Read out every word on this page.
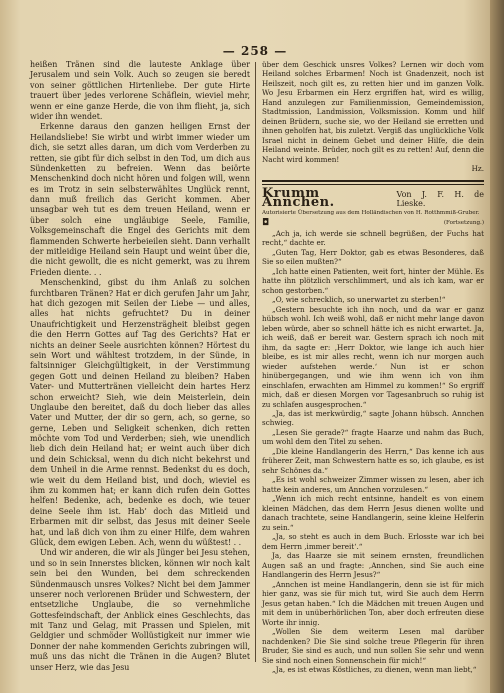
— 258 —

heißen Tränen sind die lauteste Anklage über Jerusalem und sein Volk. Auch so zeugen sie beredt von seiner göttlichen Hirtenliebe. Der gute Hirte trauert über jedes verlorene Schäflein, wieviel mehr, wenn er eine ganze Herde, die von ihm flieht, ja, sich wider ihn wendet.

Erkenne daraus den ganzen heiligen Ernst der Heilandsliebe! Sie wirbt und wirbt immer wieder um dich, sie setzt alles daran, um dich vom Verderben zu retten, sie gibt für dich selbst in den Tod, um dich aus Sündenketten zu befreien. Wenn das beiörte Menschenkind doch nicht hören und folgen will, wenn es im Trotz in sein selbsterwähltes Unglück rennt, dann muß freilich das Gericht kommen. Aber unsagbar weh tut es dem treuen Heiland, wenn er über solch eine ungläubige Seele, Familie, Volksgemeinschaft die Engel des Gerichts mit dem flammenden Schwerte herbeieilen sieht. Dann verhallt der mitleidige Heiland sein Haupt und weint über die, die nicht gewollt, die es nicht gemerkt, was zu ihrem Frieden diente. . .

Menschenkind, gibst du ihm Anlaß zu solchen furchtbaren Tränen? Hat er dich gerufen Jahr um Jahr, hat dich gezogen mit Seilen der Liebe — und alles, alles hat nichts gefruchtet? Du in deiner Unaufrichtigkeit und Herzensträgheit bleibst gegen die den Herrn Gottes auf Tag des Gerichts? Hat er nichts an deiner Seele ausrichten können? Hörtest du sein Wort und wähltest trotzdem, in der Sünde, in faltsinniger Gleichgültigkeit, in der Verstimmung gegen Gott und deinen Heiland zu bleiben? Haben Vater- und Muttertränen vielleicht dein hartes Herz schon erweicht? Sieh, wie dein Meisterlein, dein Unglaube den bereitet, daß du doch lieber das alles Vater und Mutter, der dir so gern, ach, so gerne, so gerne, Leben und Seligkeit schenken, dich retten möchte vom Tod und Verderben; sieh, wie unendlich lieb dich dein Heiland hat; er weint auch über dich und dein Schicksal, wenn du dich nicht bekehrst und dem Unheil in die Arme rennst. Bedenkst du es doch, wie weit du dem Heiland bist, und doch, wieviel es ihm zu kommen hat; er kann dich rufen dein Gottes helfen! Bedenke, ach, bedenke es doch, wie teuer deine Seele ihm ist. Hab’ doch das Mitleid und Erbarmen mit dir selbst, das Jesus mit deiner Seele hat, und laß dich von ihm zu einer Hilfe, dem wahren Glück, dem ewigen Leben. Ach, wenn du wüßtest! . .

Und wir anderen, die wir als Jünger bei Jesu stehen, und so in sein Innerstes blicken, können wir noch kalt sein bei den Wunden, bei dem schreckenden Sündenmausch unsres Volkes? Nicht bei dem Jammer unserer noch verlorenen Brüder und Schwestern, der entsetzliche Unglaube, die so vernehmliche Gottesfeindschaft, der Anblick eines Geschlechts, das mit Tanz und Gelag, mit Prassen und Spielen, mit Geldgier und schmöder Wollüstigkeit nur immer wie Donner der nahe kommenden Gerichts zubringen will, muß uns das nicht die Tränen in die Augen? Blutet unser Herz, wie das Jesu

über dem Geschick unsres Volkes? Lernen wir doch vom Heiland solches Erbarmen! Noch ist Gnadenzeit, noch ist Heilszeit, noch gilt es, zu retten hier und im ganzen Volk. Wo Jesu Erbarmen ein Herz ergriffen hat, wird es willig, Hand anzulegen zur Familienmission, Gemeindemission, Stadtmission, Landmission, Volksmission. Komm und hilf deinen Brüdern, suche sie, wo der Heiland sie erretten und ihnen geholfen hat, bis zuletzt. Vergiß das unglückliche Volk Israel nicht in deinem Gebet und deiner Hilfe, die dein Heiland weinte. Brüder, noch gilt es zu retten! Auf, denn die Nacht wird kommen!

Hz.
Krumm Annchen.
Von J. F. H. de Lieske.
Autorisierte Übersetzung aus dem Holländischen von H. Rotthmmiß-Gruber.
◘	(Fortsetzung.)

„Ach ja, ich werde sie schnell begrüßen, der Fuchs hat recht,“ dachte er.

„Guten Tag, Herr Doktor, gab es etwas Besonderes, daß Sie so eilen mußten?“

„Ich hatte einen Patienten, weit fort, hinter der Mühle. Es hatte ihn plötzlich verschlimmert, und als ich kam, war er schon gestorben.“

„O, wie schrecklich, so unerwartet zu sterben!“

„Gestern besuchte ich ihn noch, und da war er ganz hübsch wohl. Ich weiß wohl, daß er nicht mehr lange davon leben würde, aber so schnell hätte ich es nicht erwartet. Ja, ich weiß, daß er bereit war. Gestern sprach ich noch mit ihm, da sagte er: ,Herr Doktor, wie lange ich auch hier bleibe, es ist mir alles recht, wenn ich nur morgen auch wieder aufstehen werde.‘ Nun ist er schon hinübergegangen, und wie ihm wenn ich von ihm einschlafen, erwachten am Himmel zu kommen!“ So ergriff mich, daß er diesen Morgen vor Tagesanbruch so ruhig ist zu schlafen ausgesprochen.“

„Ja, das ist merkwürdig,“ sagte Johann hübsch. Annchen schwieg.

„Lesen Sie gerade?“ fragte Haarze und nahm das Buch, um wohl dem den Titel zu sehen.

„Die kleine Handlangerin des Herrn,“ Das kenne ich aus früherer Zeit, man Schwestern hatte es so, ich glaube, es ist sehr Schönes da.“

„Es ist wohl schweizer Zimmer wissen zu lesen, aber ich hatte kein anderes, um Annchen vorzulesen.“

„Wenn ich mich recht entsinne, handelt es von einem kleinen Mädchen, das dem Herrn Jesus dienen wollte und danach trachtete, seine Handlangerin, seine kleine Helferin zu sein.“

„Ja, so steht es auch in dem Buch. Erlosste war ich bei dem Herrn ,immer bereit‘.“

Ja, das Haarze sie mit seinem ernsten, freundlichen Augen saß an und fragte: ,Annchen, sind Sie auch eine Handlangerin des Herrn Jesus?“

„Annchen ist meine Handlangerin, denn sie ist für mich hier ganz, was sie für mich tut, wird Sie auch dem Herrn Jesus getan haben.“ Ich die Mädchen mit treuen Augen und mit dem in unüberhörlichen Ton, aber doch erfreuten diese Worte ihr innig.

„Wollen Sie dem weiterm Lesen mal darüber nachdenken? Die Sie sind solche treue Pflegerin für ihren Bruder, Sie sind es auch, und nun sollen Sie sehr und wenn Sie sind noch einen Sonnenschein für mich!“

„Ja, es ist etwas Köstliches, zu dienen, wenn man liebt,“
